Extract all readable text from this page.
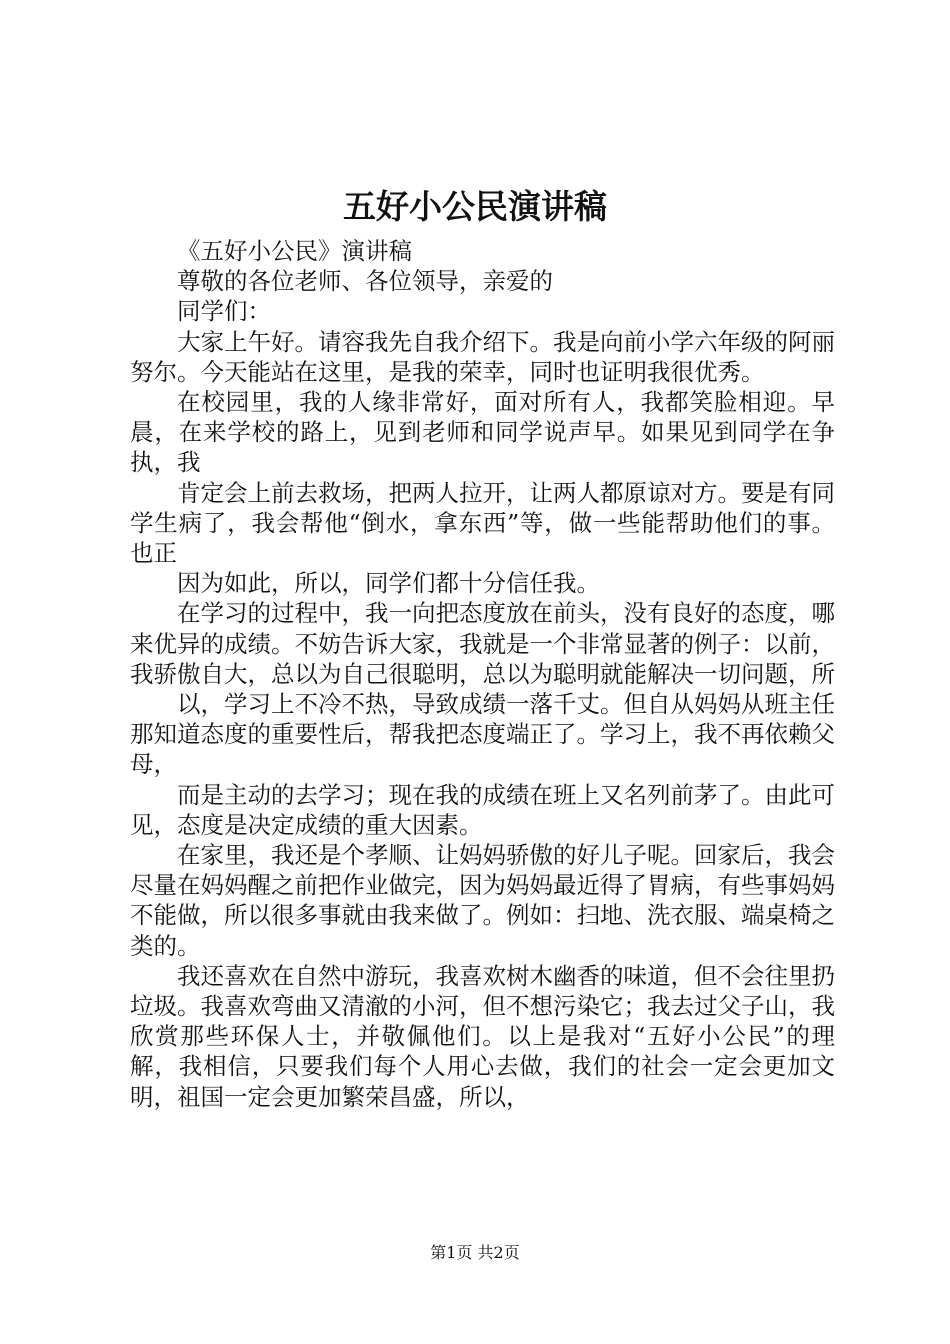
五好小公民演讲稿

《五好小公民》演讲稿

尊敬的各位老师、各位领导，亲爱的

同学们：

大家上午好。请容我先自我介绍下。我是向前小学六年级的阿丽努尔。今天能站在这里，是我的荣幸，同时也证明我很优秀。

在校园里，我的人缘非常好，面对所有人，我都笑脸相迎。早晨，在来学校的路上，见到老师和同学说声早。如果见到同学在争执，我

肯定会上前去救场，把两人拉开，让两人都原谅对方。要是有同学生病了，我会帮他“倒水，拿东西”等，做一些能帮助他们的事。也正

因为如此，所以，同学们都十分信任我。

在学习的过程中，我一向把态度放在前头，没有良好的态度，哪来优异的成绩。不妨告诉大家，我就是一个非常显著的例子：以前，我骄傲自大，总以为自己很聪明，总以为聪明就能解决一切问题，所

以，学习上不冷不热，导致成绩一落千丈。但自从妈妈从班主任那知道态度的重要性后，帮我把态度端正了。学习上，我不再依赖父母，

而是主动的去学习；现在我的成绩在班上又名列前茅了。由此可见，态度是决定成绩的重大因素。

在家里，我还是个孝顺、让妈妈骄傲的好儿子呢。回家后，我会尽量在妈妈醒之前把作业做完，因为妈妈最近得了胃病，有些事妈妈不能做，所以很多事就由我来做了。例如：扫地、洗衣服、端桌椅之类的。

我还喜欢在自然中游玩，我喜欢树木幽香的味道，但不会往里扔垃圾。我喜欢弯曲又清澈的小河，但不想污染它；我去过父子山，我欣赏那些环保人士，并敬佩他们。以上是我对“五好小公民”的理解，我相信，只要我们每个人用心去做，我们的社会一定会更加文明，祖国一定会更加繁荣昌盛，所以，

第1页 共2页
